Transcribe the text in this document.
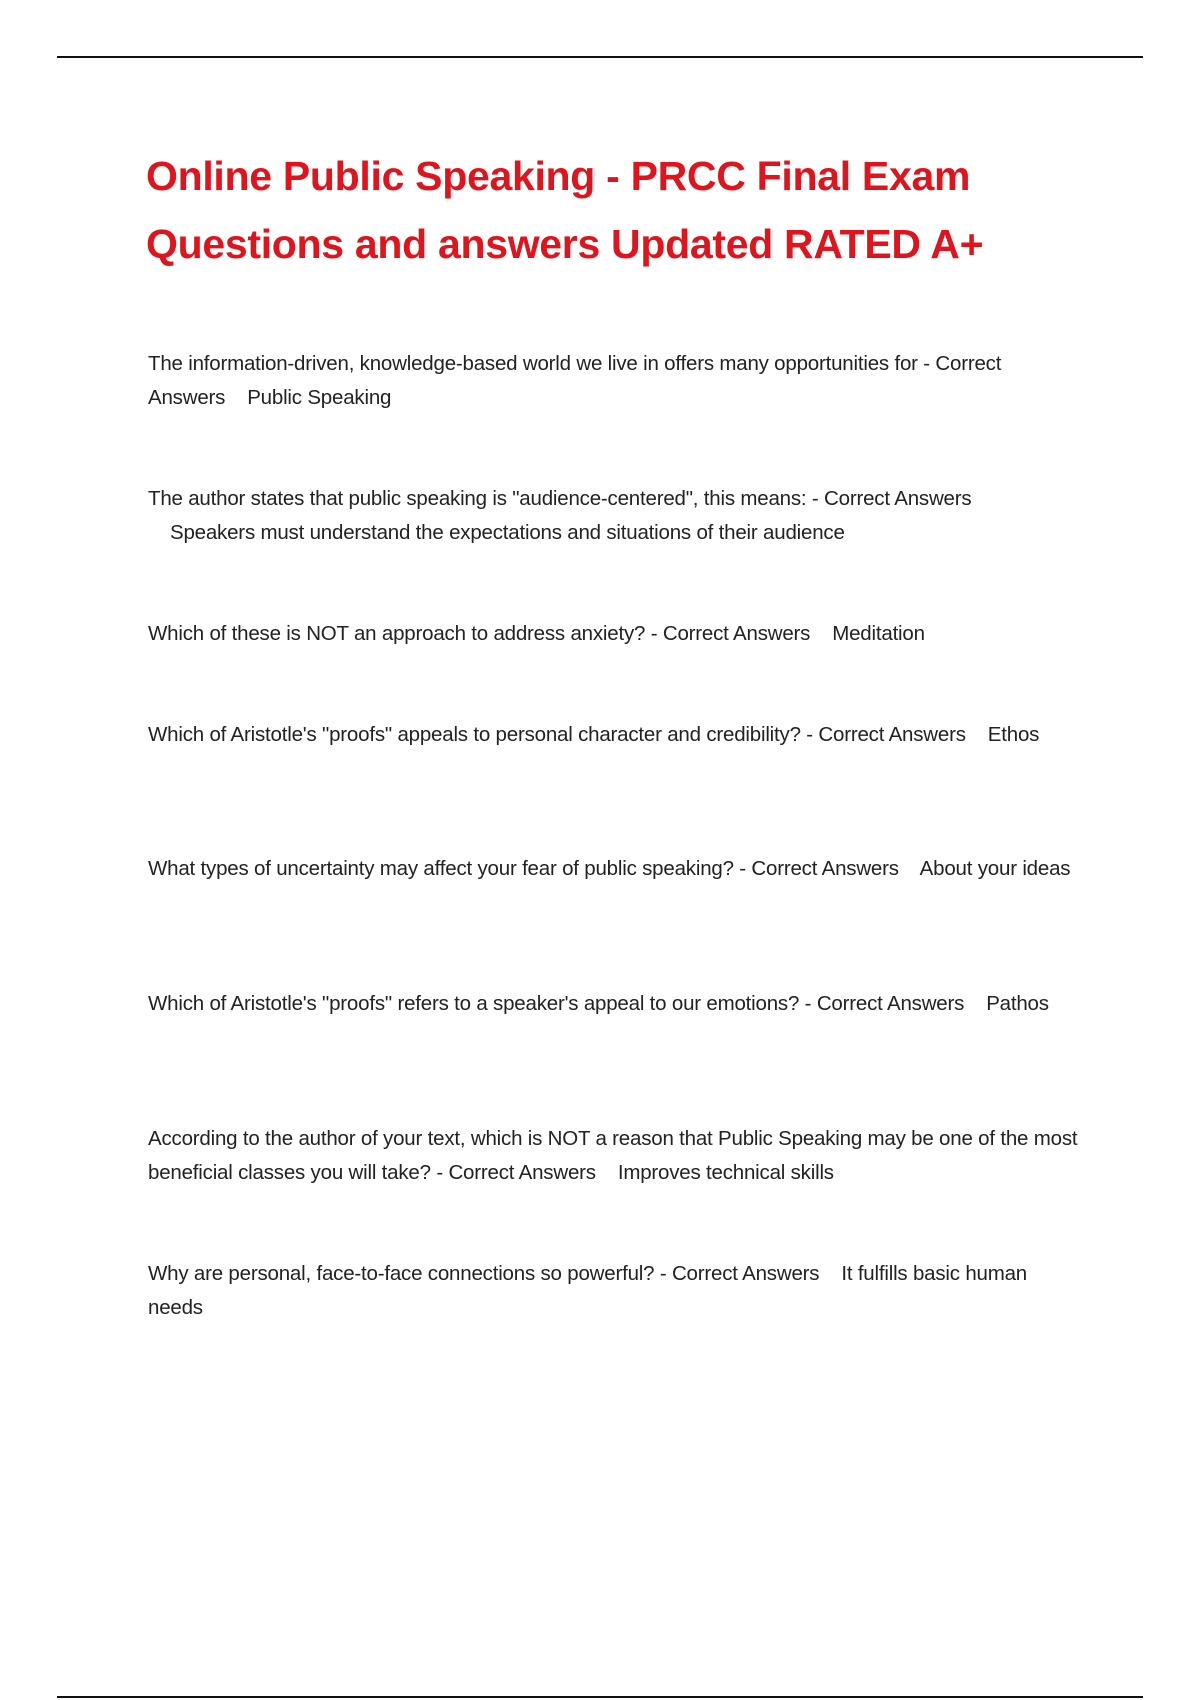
Online Public Speaking - PRCC Final Exam Questions and answers Updated RATED A+
The information-driven, knowledge-based world we live in offers many opportunities for - Correct Answers Public Speaking
The author states that public speaking is "audience-centered", this means: - Correct Answers    Speakers must understand the expectations and situations of their audience
Which of these is NOT an approach to address anxiety? - Correct Answers Meditation
Which of Aristotle's "proofs" appeals to personal character and credibility? - Correct Answers Ethos
What types of uncertainty may affect your fear of public speaking? - Correct Answers About your ideas
Which of Aristotle's "proofs" refers to a speaker's appeal to our emotions? - Correct Answers Pathos
According to the author of your text, which is NOT a reason that Public Speaking may be one of the most beneficial classes you will take? - Correct Answers Improves technical skills
Why are personal, face-to-face connections so powerful? - Correct Answers It fulfills basic human needs
